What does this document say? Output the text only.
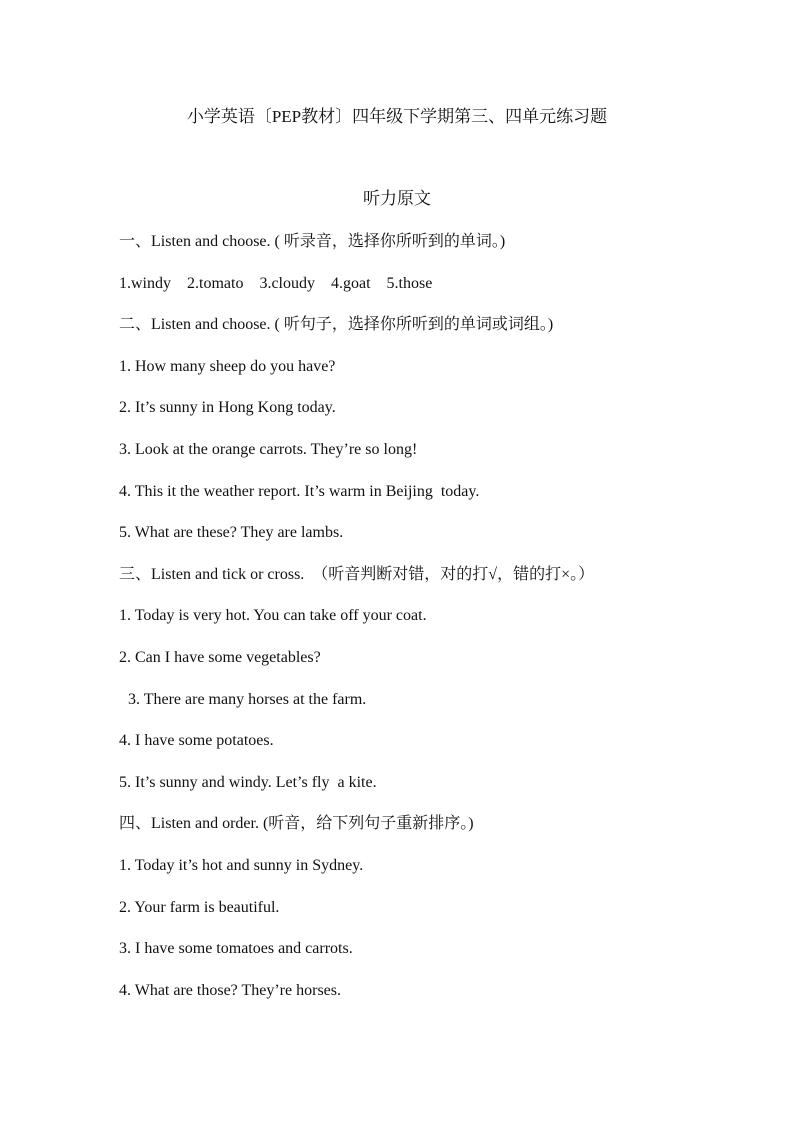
小学英语〔PEP教材〕四年级下学期第三、四单元练习题
听力原文
一、Listen and choose. ( 听录音，选择你所听到的单词。)
1.windy    2.tomato    3.cloudy    4.goat    5.those
二、Listen and choose. ( 听句子，选择你所听到的单词或词组。)
1. How many sheep do you have?
2. It’s sunny in Hong Kong today.
3. Look at the orange carrots. They’re so long!
4. This it the weather report. It’s warm in Beijing  today.
5. What are these? They are lambs.
三、Listen and tick or cross.  （听音判断对错，对的打√，错的打×。）
1. Today is very hot. You can take off your coat.
2. Can I have some vegetables?
3. There are many horses at the farm.
4. I have some potatoes.
5. It’s sunny and windy. Let’s fly  a kite.
四、Listen and order. (听音，给下列句子重新排序。)
1. Today it’s hot and sunny in Sydney.
2. Your farm is beautiful.
3. I have some tomatoes and carrots.
4. What are those? They’re horses.
